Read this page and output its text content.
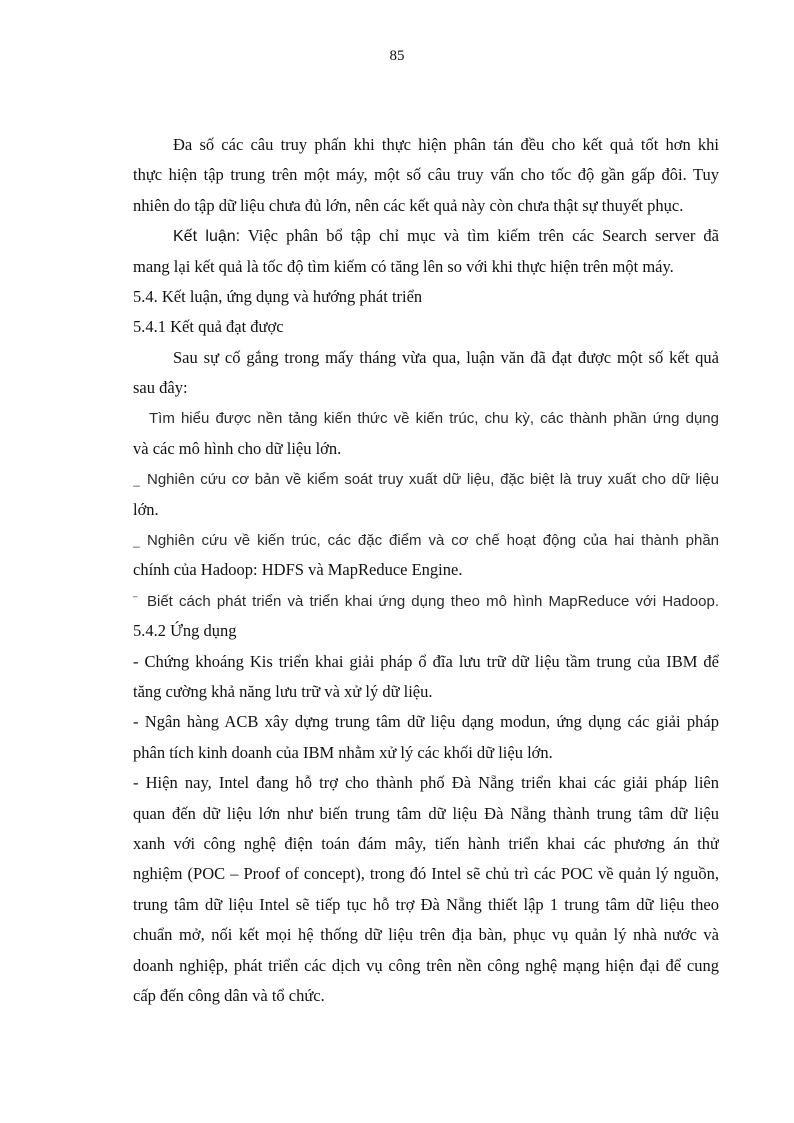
85
Đa số các câu truy phấn khi thực hiện phân tán đều cho kết quả tốt hơn khi
thực hiện tập trung trên một máy, một số câu truy vấn cho tốc độ gần gấp đôi. Tuy
nhiên do tập dữ liệu chưa đủ lớn, nên các kết quả này còn chưa thật sự thuyết phục.
Kết luận: Việc phân bổ tập chỉ mục và tìm kiếm trên các Search server đã
mang lại kết quả là tốc độ tìm kiếm có tăng lên so với khi thực hiện trên một máy.
5.4. Kết luận, ứng dụng và hướng phát triển
5.4.1 Kết quả đạt được
Sau sự cố gắng trong mấy tháng vừa qua, luận văn đã đạt được một số kết quả
sau đây:
Tìm hiểu được nền tảng kiến thức về kiến trúc, chu kỳ, các thành phần ứng dụng
và các mô hình cho dữ liệu lớn.
_ Nghiên cứu cơ bản về kiểm soát truy xuất dữ liệu, đặc biệt là truy xuất cho dữ liệu
lớn.
_ Nghiên cứu về kiến trúc, các đặc điểm và cơ chế hoạt động của hai thành phần
chính của Hadoop: HDFS và MapReduce Engine.
‾ Biết cách phát triển và triển khai ứng dụng theo mô hình MapReduce với Hadoop.
5.4.2 Ứng dụng
- Chứng khoáng Kis triển khai giải pháp ổ đĩa lưu trữ dữ liệu tầm trung của IBM để
tăng cường khả năng lưu trữ và xử lý dữ liệu.
- Ngân hàng ACB xây dựng trung tâm dữ liệu dạng modun, ứng dụng các giải pháp
phân tích kinh doanh của IBM nhằm xử lý các khối dữ liệu lớn.
- Hiện nay, Intel đang hỗ trợ cho thành phố Đà Nẵng triển khai các giải pháp liên
quan đến dữ liệu lớn như biến trung tâm dữ liệu Đà Nẵng thành trung tâm dữ liệu
xanh với công nghệ điện toán đám mây, tiến hành triển khai các phương án thử
nghiệm (POC – Proof of concept), trong đó Intel sẽ chủ trì các POC về quản lý nguồn,
trung tâm dữ liệu Intel sẽ tiếp tục hỗ trợ Đà Nẵng thiết lập 1 trung tâm dữ liệu theo
chuẩn mở, nối kết mọi hệ thống dữ liệu trên địa bàn, phục vụ quản lý nhà nước và
doanh nghiệp, phát triển các dịch vụ công trên nền công nghệ mạng hiện đại để cung
cấp đến công dân và tổ chức.
